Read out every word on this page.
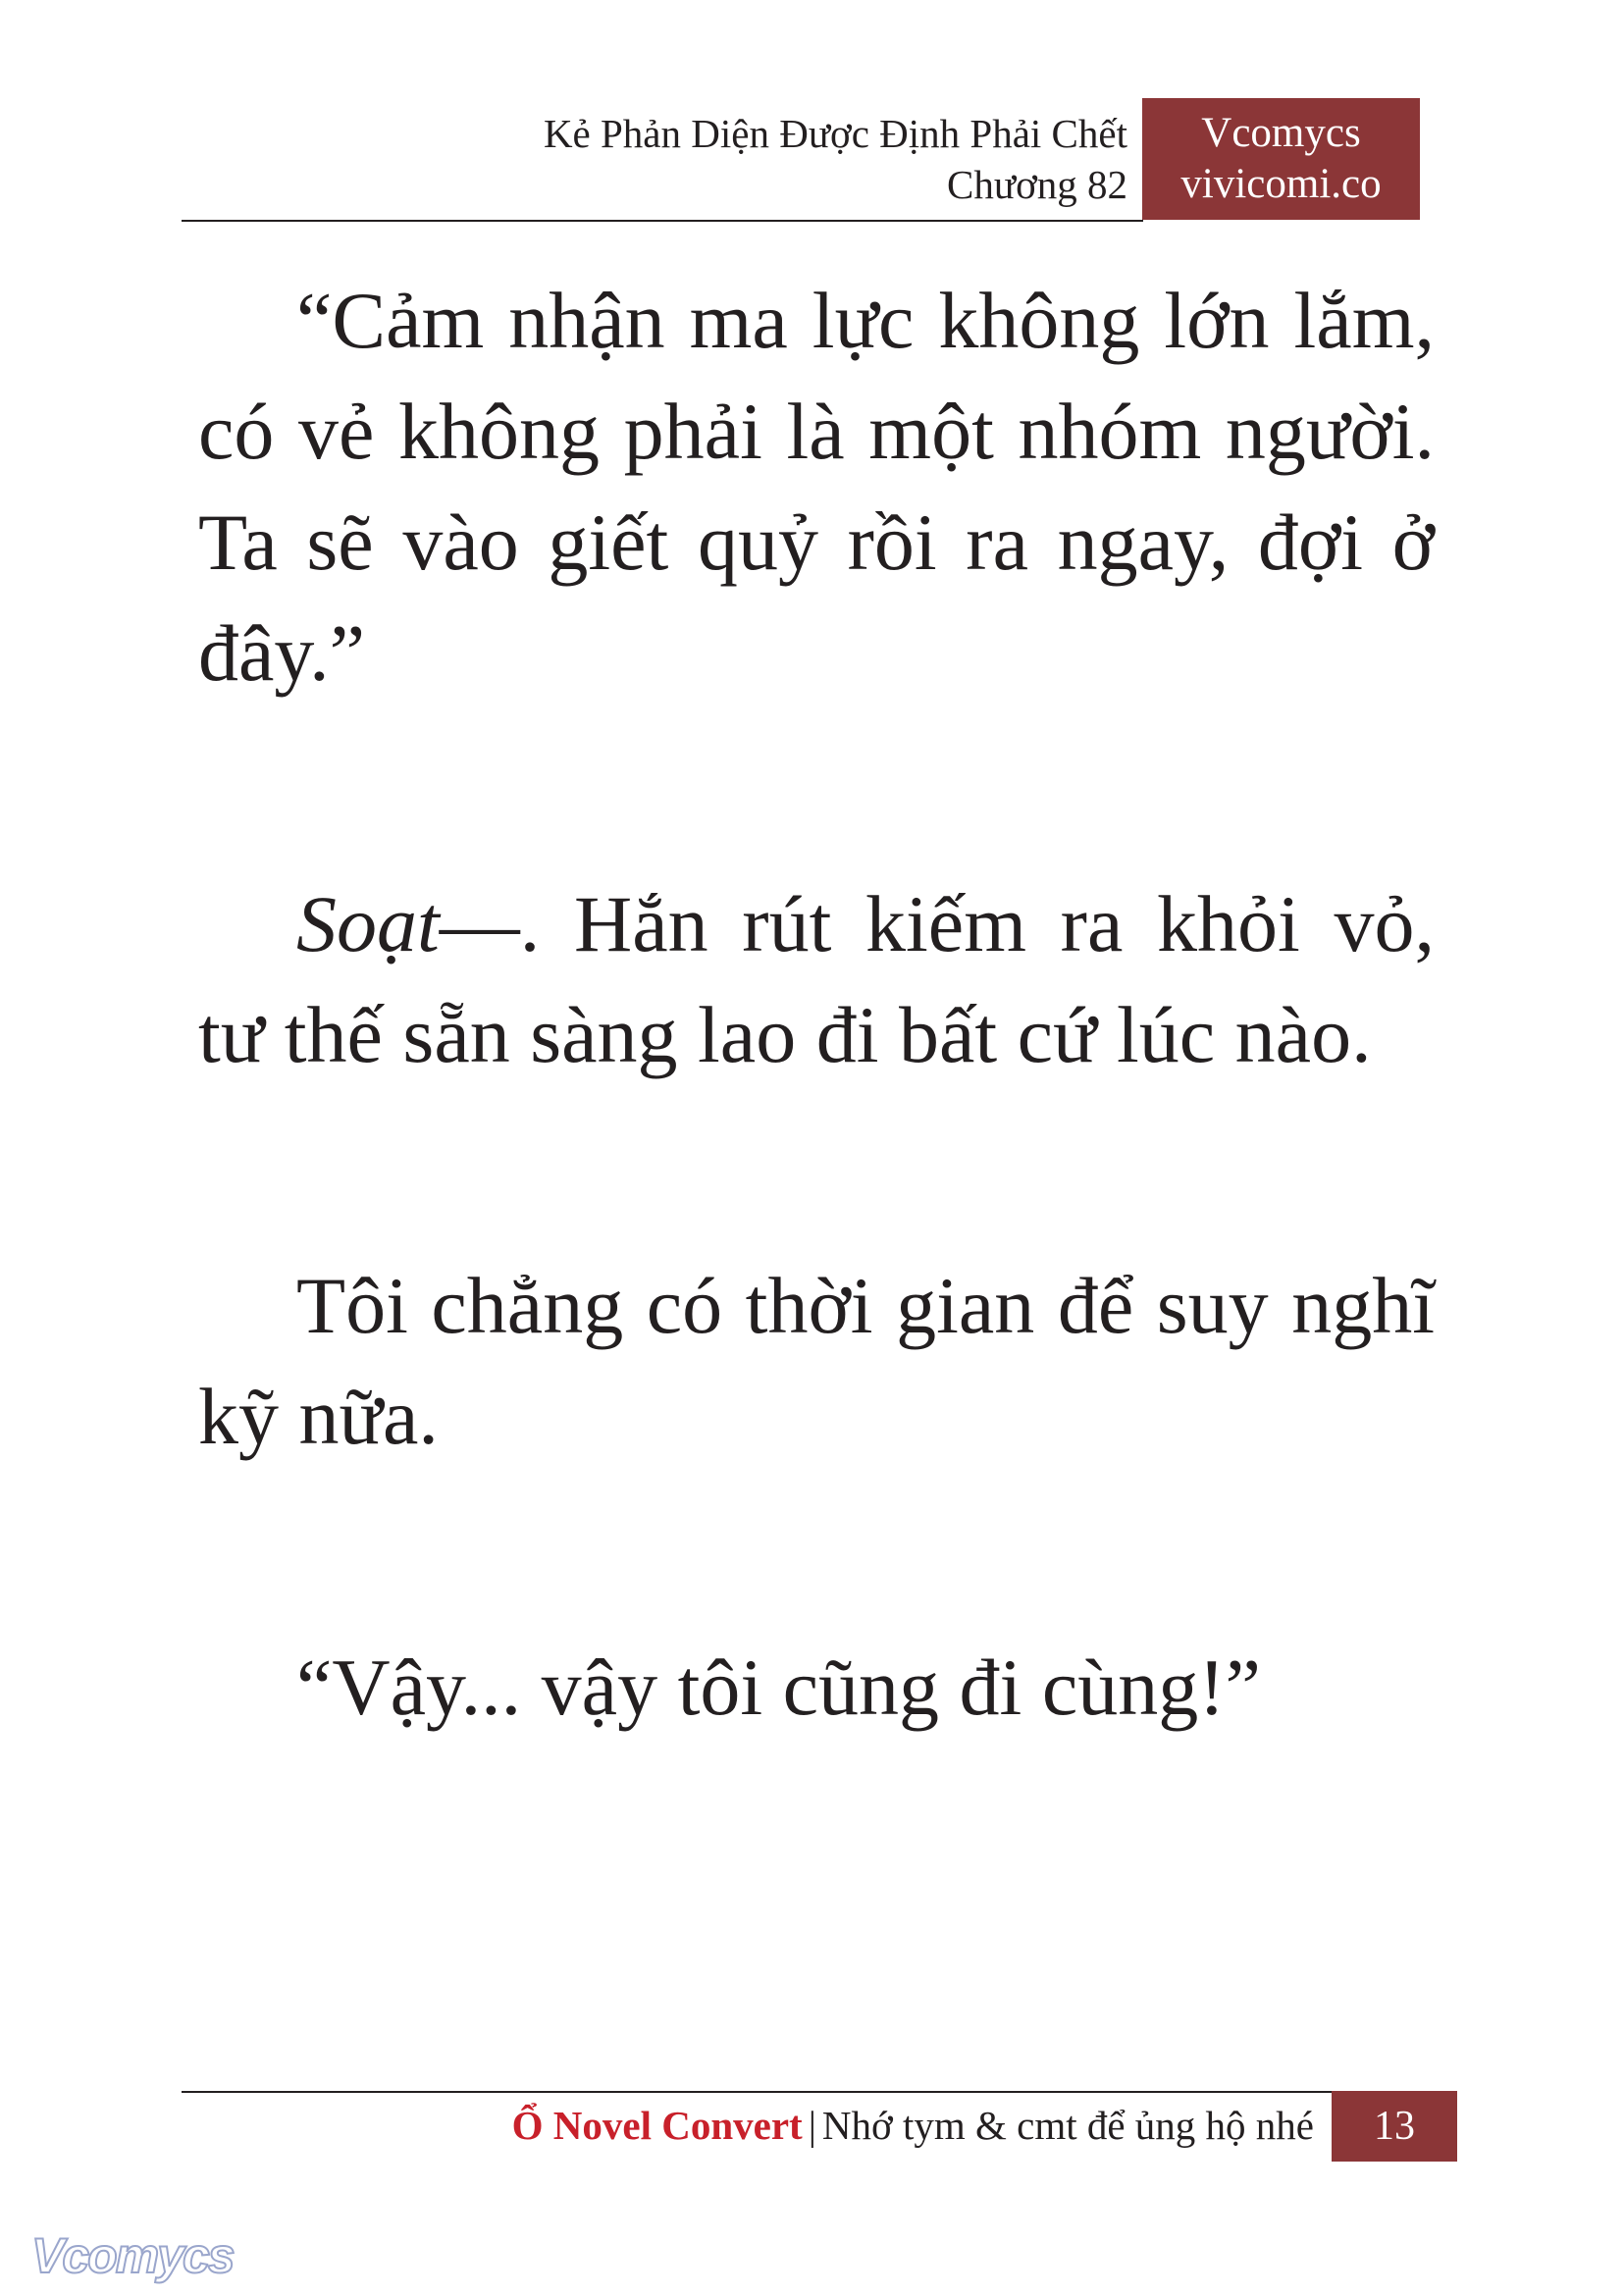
Kẻ Phản Diện Được Định Phải Chết
Chương 82
Vcomycs
vivicomi.co

“Cảm nhận ma lực không lớn lắm, có vẻ không phải là một nhóm người. Ta sẽ vào giết quỷ rồi ra ngay, đợi ở đây.”

Soạt—. Hắn rút kiếm ra khỏi vỏ, tư thế sẵn sàng lao đi bất cứ lúc nào.

Tôi chẳng có thời gian để suy nghĩ kỹ nữa.

“Vậy... vậy tôi cũng đi cùng!”

Ổ Novel Convert | Nhớ tym & cmt để ủng hộ nhé	13
Vcomycs
